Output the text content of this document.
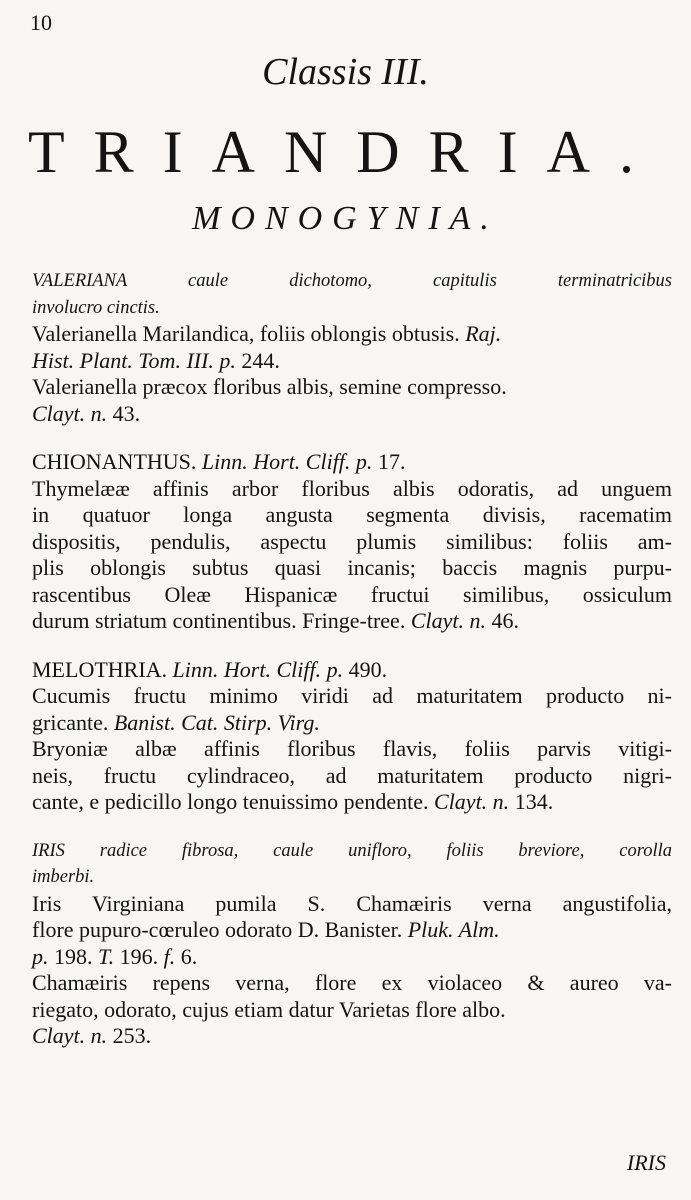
10
Classis III.
TRIANDRIA.
MONOGYNIA.
VALERIANA caule dichotomo, capitulis terminatricibus
involucro cinctis.
Valerianella Marilandica, foliis oblongis obtusis. Raj.
Hist. Plant. Tom. III. p. 244.
Valerianella præcox floribus albis, semine compresso.
Clayt. n. 43.
CHIONANTHUS. Linn. Hort. Cliff. p. 17.
Thymelææ affinis arbor floribus albis odoratis, ad unguem
in quatuor longa angusta segmenta divisis, racematim
dispositis, pendulis, aspectu plumis similibus: foliis am-
plis oblongis subtus quasi incanis; baccis magnis purpu-
rascentibus Oleæ Hispanicæ fructui similibus, ossiculum
durum striatum continentibus. Fringe-tree. Clayt. n. 46.
MELOTHRIA. Linn. Hort. Cliff. p. 490.
Cucumis fructu minimo viridi ad maturitatem producto ni-
gricante. Banist. Cat. Stirp. Virg.
Bryoniæ albæ affinis floribus flavis, foliis parvis vitigi-
neis, fructu cylindraceo, ad maturitatem producto nigri-
cante, e pedicillo longo tenuissimo pendente. Clayt. n. 134.
IRIS radice fibrosa, caule unifloro, foliis breviore, corolla
imberbi.
Iris Virginiana pumila S. Chamæiris verna angustifolia,
flore pupuro-cœruleo odorato D. Banister. Pluk. Alm.
p. 198. T. 196. f. 6.
Chamæiris repens verna, flore ex violaceo & aureo va-
riegato, odorato, cujus etiam datur Varietas flore albo.
Clayt. n. 253.
IRIS
